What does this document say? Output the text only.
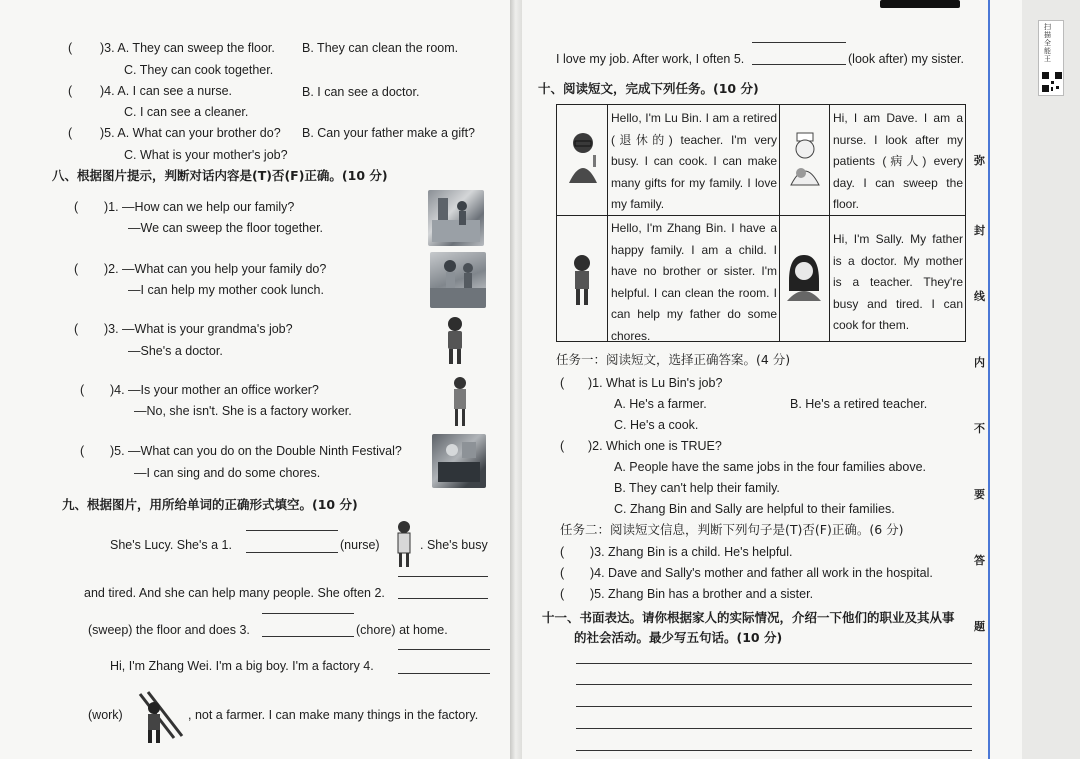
( )3. A. They can sweep the floor. B. They can clean the room.
C. They can cook together.
( )4. A. I can see a nurse.	B. I can see a doctor.
C. I can see a cleaner.
( )5. A. What can your brother do? B. Can your father make a gift?
C. What is your mother's job?
八、根据图片提示，判断对话内容是(T)否(F)正确。(10 分)
( )1. —How can we help our family?
—We can sweep the floor together.
( )2. —What can you help your family do?
—I can help my mother cook lunch.
( )3. —What is your grandma's job?
—She's a doctor.
( )4. —Is your mother an office worker?
—No, she isn't. She is a factory worker.
( )5. —What can you do on the Double Ninth Festival?
—I can sing and do some chores.
九、根据图片，用所给单词的正确形式填空。(10 分)
She's Lucy. She's a 1.	(nurse)	. She's busy
and tired. And she can help many people. She often 2.
(sweep) the floor and does 3.	(chore) at home.
Hi, I'm Zhang Wei. I'm a big boy. I'm a factory 4.
(work)	, not a farmer. I can make many things in the factory.
I love my job. After work, I often 5.	(look after) my sister.
十、阅读短文，完成下列任务。(10 分)
Hello, I'm Lu Bin. I am a retired (退休的) teacher. I'm very busy. I can cook. I can make many gifts for my family. I love my family.
Hi, I am Dave. I am a nurse. I look after my patients (病人) every day. I can sweep the floor.
Hello, I'm Zhang Bin. I have a happy family. I am a child. I have no brother or sister. I'm helpful. I can clean the room. I can help my father do some chores.
Hi, I'm Sally. My father is a doctor. My mother is a teacher. They're busy and tired. I can cook for them.
任务一：阅读短文，选择正确答案。(4 分)
( )1. What is Lu Bin's job?
A. He's a farmer.	B. He's a retired teacher.
C. He's a cook.
( )2. Which one is TRUE?
A. People have the same jobs in the four families above.
B. They can't help their family.
C. Zhang Bin and Sally are helpful to their families.
任务二：阅读短文信息，判断下列句子是(T)否(F)正确。(6 分)
( )3. Zhang Bin is a child. He's helpful.
( )4. Dave and Sally's mother and father all work in the hospital.
( )5. Zhang Bin has a brother and a sister.
十一、书面表达。请你根据家人的实际情况，介绍一下他们的职业及其从事
的社会活动。最少写五句话。(10 分)
弥
封
线
内
不
要
答
题
扫描全能王
